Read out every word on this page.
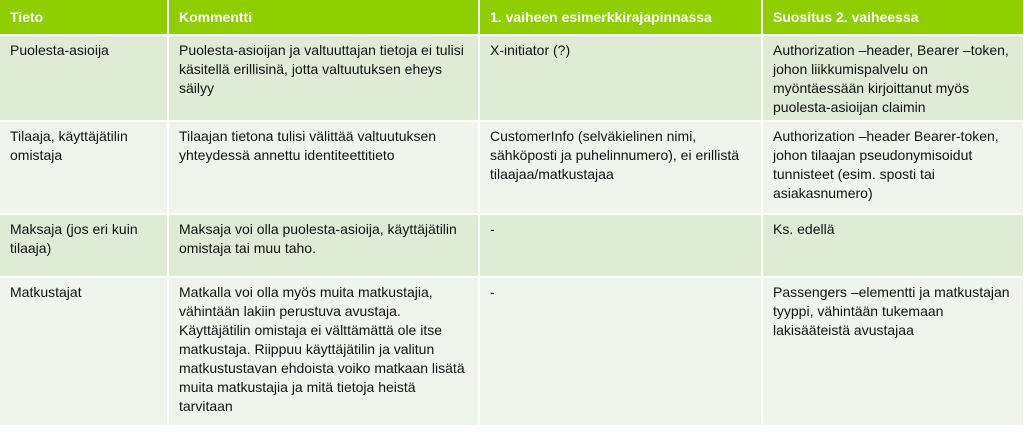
Tieto	Kommentti	1. vaiheen esimerkkirajapinnassa	Suositus 2. vaiheessa
Puolesta-asioija	Puolesta-asioijan ja valtuuttajan tietoja ei tulisi käsitellä erillisinä, jotta valtuutuksen eheys säilyy	X-initiator (?)	Authorization –header, Bearer –token, johon liikkumispalvelu on myöntäessään kirjoittanut myös puolesta-asioijan claimin
Tilaaja, käyttäjätilin omistaja	Tilaajan tietona tulisi välittää valtuutuksen yhteydessä annettu identiteettitieto	CustomerInfo (selväkielinen nimi, sähköposti ja puhelinnumero), ei erillistä tilaajaa/matkustajaa	Authorization –header Bearer-token, johon tilaajan pseudonymisoidut tunnisteet (esim. sposti tai asiakasnumero)
Maksaja (jos eri kuin tilaaja)	Maksaja voi olla puolesta-asioija, käyttäjätilin omistaja tai muu taho.	-	Ks. edellä
Matkustajat	Matkalla voi olla myös muita matkustajia, vähintään lakiin perustuva avustaja. Käyttäjätilin omistaja ei välttämättä ole itse matkustaja. Riippuu käyttäjätilin ja valitun matkustustavan ehdoista voiko matkaan lisätä muita matkustajia ja mitä tietoja heistä tarvitaan	-	Passengers –elementti ja matkustajan tyyppi, vähintään tukemaan lakisääteistä avustajaa
